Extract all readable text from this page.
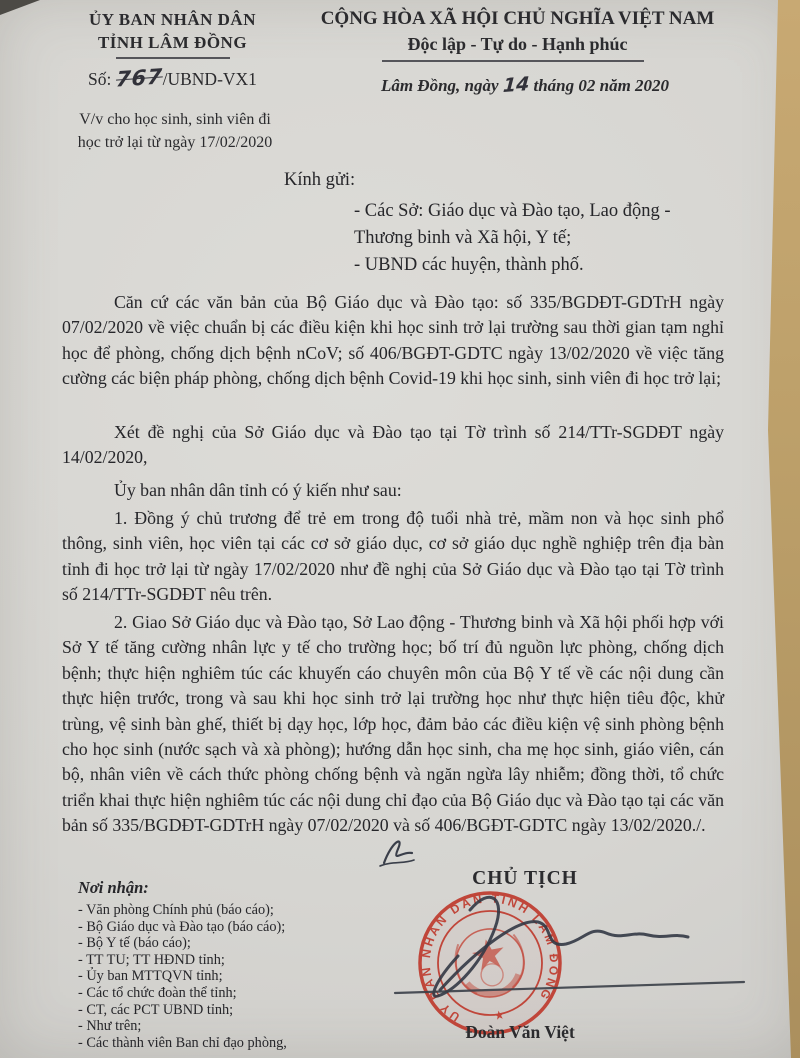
ỦY BAN NHÂN DÂN
TỈNH LÂM ĐỒNG
CỘNG HÒA XÃ HỘI CHỦ NGHĨA VIỆT NAM
Độc lập - Tự do - Hạnh phúc
Số: 767/UBND-VX1	Lâm Đồng, ngày 14 tháng 02 năm 2020
V/v cho học sinh, sinh viên đi
học trở lại từ ngày 17/02/2020
Kính gửi:
- Các Sở: Giáo dục và Đào tạo, Lao động -
Thương binh và Xã hội, Y tế;
- UBND các huyện, thành phố.

Căn cứ các văn bản của Bộ Giáo dục và Đào tạo: số 335/BGDĐT-GDTrH ngày 07/02/2020 về việc chuẩn bị các điều kiện khi học sinh trở lại trường sau thời gian tạm nghỉ học để phòng, chống dịch bệnh nCoV; số 406/BGĐT-GDTC ngày 13/02/2020 về việc tăng cường các biện pháp phòng, chống dịch bệnh Covid-19 khi học sinh, sinh viên đi học trở lại;

Xét đề nghị của Sở Giáo dục và Đào tạo tại Tờ trình số 214/TTr-SGDĐT ngày 14/02/2020,

Ủy ban nhân dân tỉnh có ý kiến như sau:

1. Đồng ý chủ trương để trẻ em trong độ tuổi nhà trẻ, mầm non và học sinh phổ thông, sinh viên, học viên tại các cơ sở giáo dục, cơ sở giáo dục nghề nghiệp trên địa bàn tỉnh đi học trở lại từ ngày 17/02/2020 như đề nghị của Sở Giáo dục và Đào tạo tại Tờ trình số 214/TTr-SGDĐT nêu trên.

2. Giao Sở Giáo dục và Đào tạo, Sở Lao động - Thương binh và Xã hội phối hợp với Sở Y tế tăng cường nhân lực y tế cho trường học; bố trí đủ nguồn lực phòng, chống dịch bệnh; thực hiện nghiêm túc các khuyến cáo chuyên môn của Bộ Y tế về các nội dung cần thực hiện trước, trong và sau khi học sinh trở lại trường học như thực hiện tiêu độc, khử trùng, vệ sinh bàn ghế, thiết bị dạy học, lớp học, đảm bảo các điều kiện vệ sinh phòng bệnh cho học sinh (nước sạch và xà phòng); hướng dẫn học sinh, cha mẹ học sinh, giáo viên, cán bộ, nhân viên về cách thức phòng chống bệnh và ngăn ngừa lây nhiễm; đồng thời, tổ chức triển khai thực hiện nghiêm túc các nội dung chỉ đạo của Bộ Giáo dục và Đào tạo tại các văn bản số 335/BGDĐT-GDTrH ngày 07/02/2020 và số 406/BGĐT-GDTC ngày 13/02/2020./.

Nơi nhận:
- Văn phòng Chính phủ (báo cáo);
- Bộ Giáo dục và Đào tạo (báo cáo);
- Bộ Y tế (báo cáo);
- TT TU; TT HĐND tỉnh;
- Ủy ban MTTQVN tỉnh;
- Các tổ chức đoàn thể tỉnh;
- CT, các PCT UBND tỉnh;
- Như trên;
- Các thành viên Ban chỉ đạo phòng,
CHỦ TỊCH
ỦY BAN NHÂN DÂN TỈNH LÂM ĐỒNG
★
Đoàn Văn Việt
